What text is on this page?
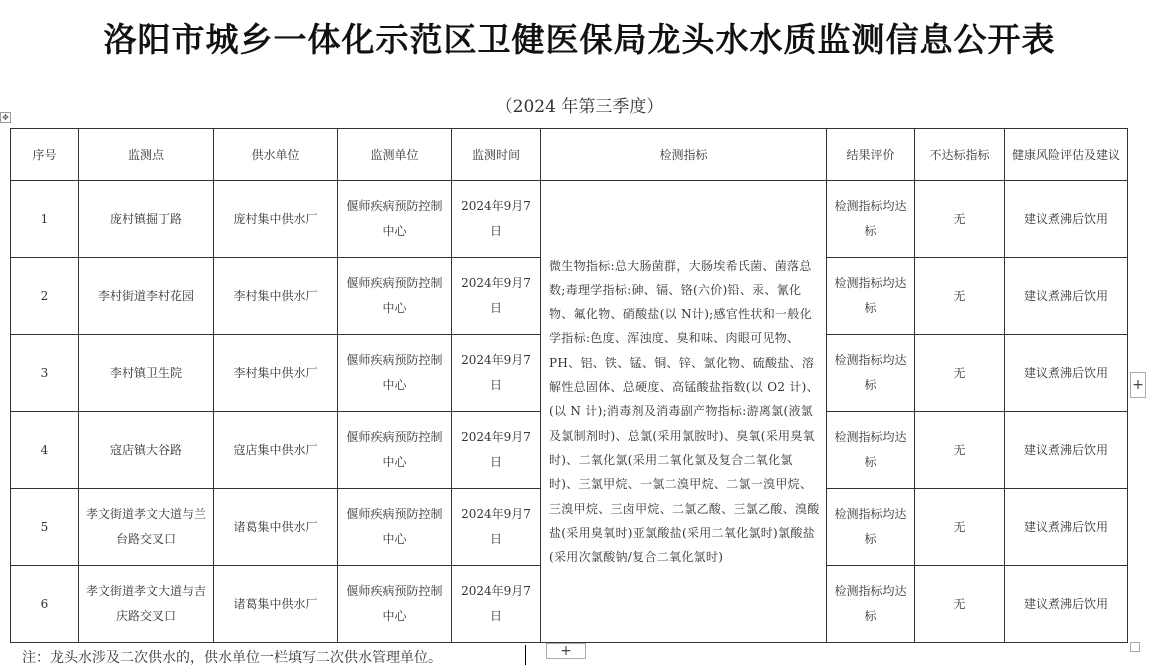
✥
洛阳市城乡一体化示范区卫健医保局龙头水水质监测信息公开表
（2024 年第三季度）
序号	监测点	供水单位	监测单位	监测时间	检测指标	结果评价	不达标指标	健康风险评估及建议
1	庞村镇掘丁路	庞村集中供水厂	偃师疾病预防控制中心	2024年9月7日	微生物指标:总大肠菌群，大肠埃希氏菌、菌落总数;毒理学指标:砷、镉、铬(六价)铅、汞、氰化物、氟化物、硝酸盐(以 N计);感官性状和一般化学指标:色度、浑浊度、臭和味、肉眼可见物、PH、铝、铁、锰、铜、锌、氯化物、硫酸盐、溶解性总固体、总硬度、高锰酸盐指数(以 O2 计)、(以 N 计);消毒剂及消毒副产物指标:游离氯(液氯及氯制剂时)、总氯(采用氯胺时)、臭氧(采用臭氧时)、二氧化氯(采用二氧化氯及复合二氧化氯时)、三氯甲烷、一氯二溴甲烷、二氯一溴甲烷、三溴甲烷、三卤甲烷、二氯乙酸、三氯乙酸、溴酸盐(采用臭氧时)亚氯酸盐(采用二氧化氯时)氯酸盐(采用次氯酸钠/复合二氧化氯时)	检测指标均达标	无	建议煮沸后饮用
2	李村街道李村花园	李村集中供水厂	偃师疾病预防控制中心	2024年9月7日		检测指标均达标	无	建议煮沸后饮用
3	李村镇卫生院	李村集中供水厂	偃师疾病预防控制中心	2024年9月7日		检测指标均达标	无	建议煮沸后饮用
4	寇店镇大谷路	寇店集中供水厂	偃师疾病预防控制中心	2024年9月7日		检测指标均达标	无	建议煮沸后饮用
5	孝文街道孝文大道与兰台路交叉口	诸葛集中供水厂	偃师疾病预防控制中心	2024年9月7日		检测指标均达标	无	建议煮沸后饮用
6	孝文街道孝文大道与吉庆路交叉口	诸葛集中供水厂	偃师疾病预防控制中心	2024年9月7日		检测指标均达标	无	建议煮沸后饮用
+
+
注：龙头水涉及二次供水的，供水单位一栏填写二次供水管理单位。
